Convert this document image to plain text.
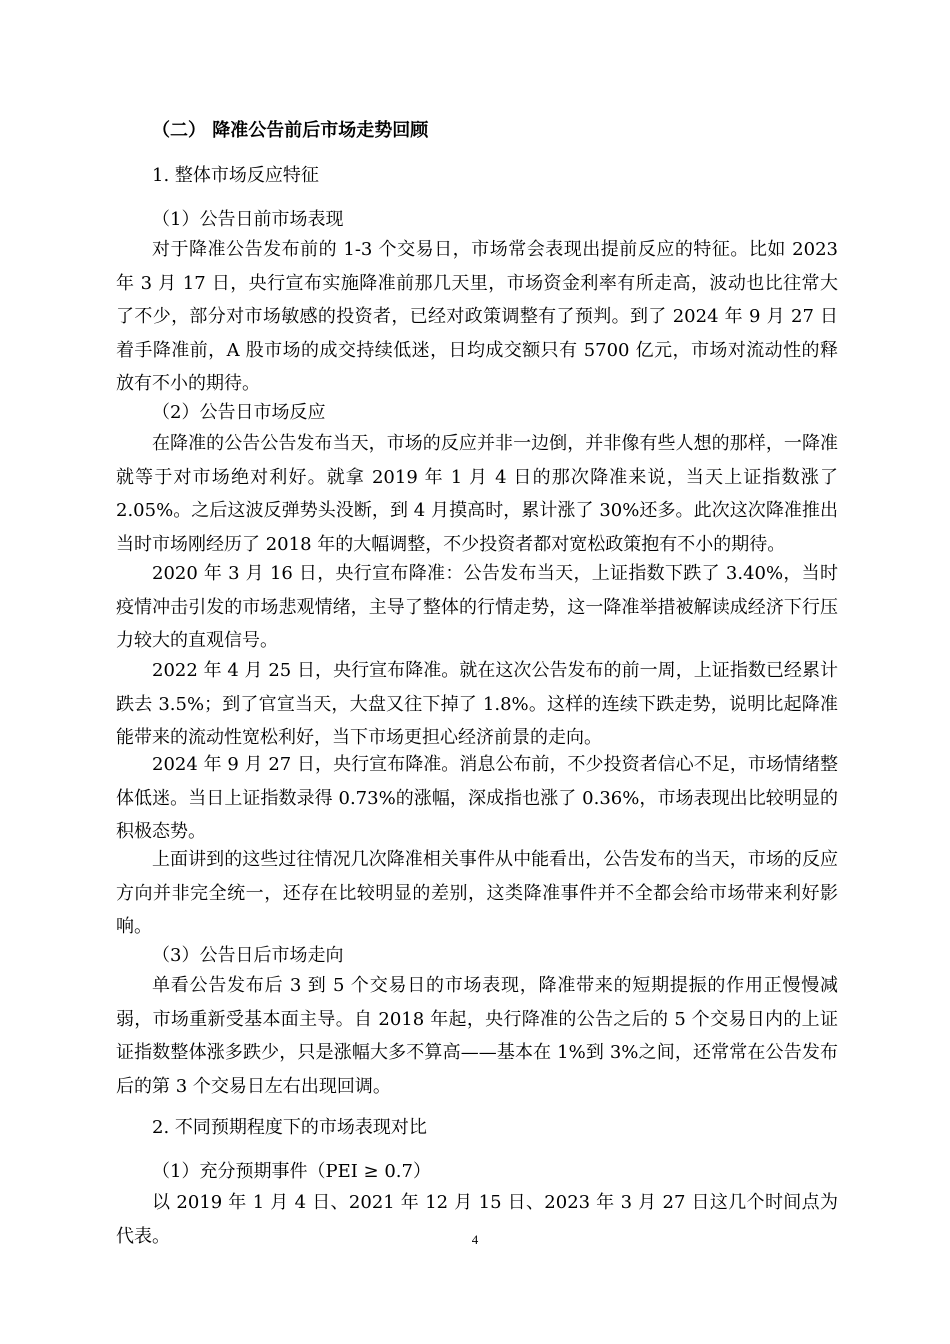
（二） 降准公告前后市场走势回顾

1. 整体市场反应特征

（1）公告日前市场表现

对于降准公告发布前的 1-3 个交易日，市场常会表现出提前反应的特征。比如 2023 年 3 月 17 日，央行宣布实施降准前那几天里，市场资金利率有所走高，波动也比往常大了不少，部分对市场敏感的投资者，已经对政策调整有了预判。到了 2024 年 9 月 27 日着手降准前，A 股市场的成交持续低迷，日均成交额只有 5700 亿元，市场对流动性的释放有不小的期待。

（2）公告日市场反应

在降准的公告公告发布当天，市场的反应并非一边倒，并非像有些人想的那样，一降准就等于对市场绝对利好。就拿 2019 年 1 月 4 日的那次降准来说，当天上证指数涨了 2.05%。之后这波反弹势头没断，到 4 月摸高时，累计涨了 30%还多。此次这次降准推出当时市场刚经历了 2018 年的大幅调整，不少投资者都对宽松政策抱有不小的期待。

2020 年 3 月 16 日，央行宣布降准：公告发布当天，上证指数下跌了 3.40%，当时疫情冲击引发的市场悲观情绪，主导了整体的行情走势，这一降准举措被解读成经济下行压力较大的直观信号。

2022 年 4 月 25 日，央行宣布降准。就在这次公告发布的前一周，上证指数已经累计跌去 3.5%；到了官宣当天，大盘又往下掉了 1.8%。这样的连续下跌走势，说明比起降准能带来的流动性宽松利好，当下市场更担心经济前景的走向。

2024 年 9 月 27 日，央行宣布降准。消息公布前，不少投资者信心不足，市场情绪整体低迷。当日上证指数录得 0.73%的涨幅，深成指也涨了 0.36%，市场表现出比较明显的积极态势。

上面讲到的这些过往情况几次降准相关事件从中能看出，公告发布的当天，市场的反应方向并非完全统一，还存在比较明显的差别，这类降准事件并不全都会给市场带来利好影响。

（3）公告日后市场走向

单看公告发布后 3 到 5 个交易日的市场表现，降准带来的短期提振的作用正慢慢减弱，市场重新受基本面主导。自 2018 年起，央行降准的公告之后的 5 个交易日内的上证证指数整体涨多跌少，只是涨幅大多不算高——基本在 1%到 3%之间，还常常在公告发布后的第 3 个交易日左右出现回调。

2. 不同预期程度下的市场表现对比

（1）充分预期事件（PEI ≥ 0.7）

以 2019 年 1 月 4 日、2021 年 12 月 15 日、2023 年 3 月 27 日这几个时间点为代表。	4
